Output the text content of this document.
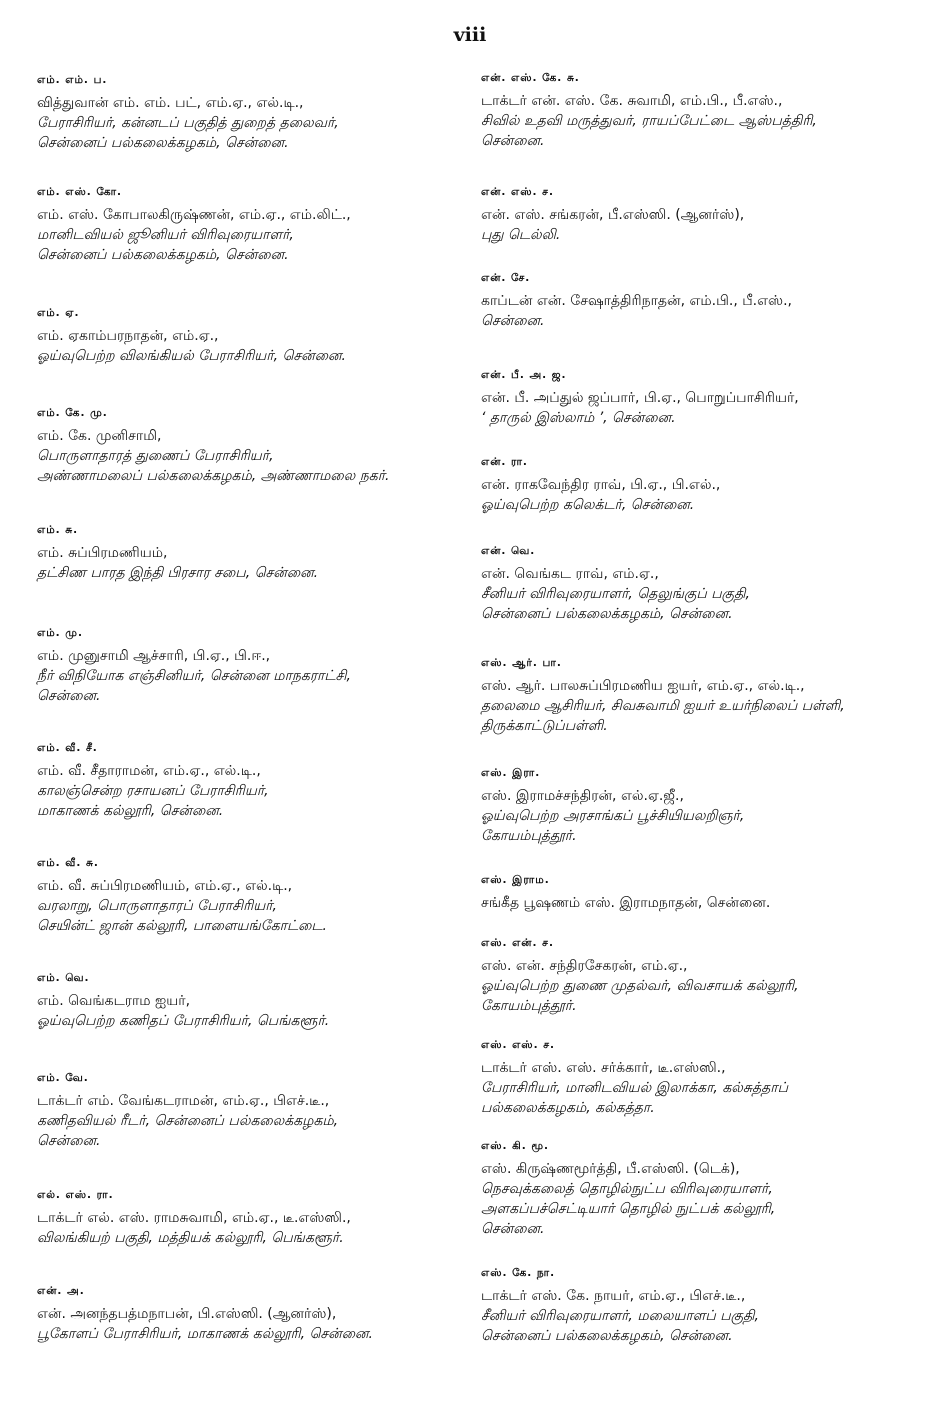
viii
எம். எம். ப.
வித்துவான் எம். எம். பட், எம்.ஏ., எல்.டி.,
பேராசிரியர், கன்னடப் பகுதித் துறைத் தலைவர்,
சென்னைப் பல்கலைக்கழகம், சென்னை.
எம். எஸ். கோ.
எம். எஸ். கோபாலகிருஷ்ணன், எம்.ஏ., எம்.லிட்.,
மானிடவியல் ஜூனியர் விரிவுரையாளர்,
சென்னைப் பல்கலைக்கழகம், சென்னை.
எம். ஏ.
எம். ஏகாம்பரநாதன், எம்.ஏ.,
ஓய்வுபெற்ற விலங்கியல் பேராசிரியர், சென்னை.
எம். கே. மு.
எம். கே. முனிசாமி,
பொருளாதாரத் துணைப் பேராசிரியர்,
அண்ணாமலைப் பல்கலைக்கழகம், அண்ணாமலை நகர்.
எம். சு.
எம். சுப்பிரமணியம்,
தட்சிண பாரத இந்தி பிரசார சபை, சென்னை.
எம். மு.
எம். முனுசாமி ஆச்சாரி, பி.ஏ., பி.ஈ.,
நீர் விநியோக எஞ்சினியர், சென்னை மாநகராட்சி,
சென்னை.
எம். வீ. சீ.
எம். வீ. சீதாராமன், எம்.ஏ., எல்.டி.,
காலஞ்சென்ற ரசாயனப் பேராசிரியர்,
மாகாணக் கல்லூரி, சென்னை.
எம். வீ. சு.
எம். வீ. சுப்பிரமணியம், எம்.ஏ., எல்.டி.,
வரலாறு, பொருளாதாரப் பேராசிரியர்,
செயின்ட் ஜான் கல்லூரி, பாளையங்கோட்டை.
எம். வெ.
எம். வெங்கடராம ஐயர்,
ஓய்வுபெற்ற கணிதப் பேராசிரியர், பெங்களூர்.
எம். வே.
டாக்டர் எம். வேங்கடராமன், எம்.ஏ., பிஎச்.டீ.,
கணிதவியல் ரீடர், சென்னைப் பல்கலைக்கழகம்,
சென்னை.
எல். எஸ். ரா.
டாக்டர் எல். எஸ். ராமசுவாமி, எம்.ஏ., டீ.எஸ்ஸி.,
விலங்கியற் பகுதி, மத்தியக் கல்லூரி, பெங்களூர்.
என். அ.
என். அனந்தபத்மநாபன், பி.எஸ்ஸி. (ஆனர்ஸ்),
பூகோளப் பேராசிரியர், மாகாணக் கல்லூரி, சென்னை.
என். எஸ். கே. சு.
டாக்டர் என். எஸ். கே. சுவாமி, எம்.பி., பீ.எஸ்.,
சிவில் உதவி மருத்துவர், ராயப்பேட்டை ஆஸ்பத்திரி,
சென்னை.
என். எஸ். ச.
என். எஸ். சங்கரன், பீ.எஸ்ஸி. (ஆனர்ஸ்),
புது டெல்லி.
என். சே.
காப்டன் என். சேஷாத்திரிநாதன், எம்.பி., பீ.எஸ்.,
சென்னை.
என். பீ. அ. ஜ.
என். பீ. அப்துல் ஜப்பார், பி.ஏ., பொறுப்பாசிரியர்,
‘ தாருல் இஸ்லாம் ’, சென்னை.
என். ரா.
என். ராகவேந்திர ராவ், பி.ஏ., பி.எல்.,
ஓய்வுபெற்ற கலெக்டர், சென்னை.
என். வெ.
என். வெங்கட ராவ், எம்.ஏ.,
சீனியர் விரிவுரையாளர், தெலுங்குப் பகுதி,
சென்னைப் பல்கலைக்கழகம், சென்னை.
எஸ். ஆர். பா.
எஸ். ஆர். பாலசுப்பிரமணிய ஐயர், எம்.ஏ., எல்.டி.,
தலைமை ஆசிரியர், சிவசுவாமி ஐயர் உயர்நிலைப் பள்ளி,
திருக்காட்டுப்பள்ளி.
எஸ். இரா.
எஸ். இராமச்சந்திரன், எல்.ஏ.ஜீ.,
ஓய்வுபெற்ற அரசாங்கப் பூச்சியியலறிஞர்,
கோயம்புத்தூர்.
எஸ். இராம.
சங்கீத பூஷணம் எஸ். இராமநாதன், சென்னை.
எஸ். என். ச.
எஸ். என். சந்திரசேகரன், எம்.ஏ.,
ஓய்வுபெற்ற துணை முதல்வர், விவசாயக் கல்லூரி,
கோயம்புத்தூர்.
எஸ். எஸ். ச.
டாக்டர் எஸ். எஸ். சர்க்கார், டீ.எஸ்ஸி.,
பேராசிரியர், மானிடவியல் இலாக்கா, கல்சுத்தாப்
பல்கலைக்கழகம், கல்கத்தா.
எஸ். கி. மூ.
எஸ். கிருஷ்ணமூர்த்தி, பீ.எஸ்ஸி. (டெக்),
நெசவுக்கலைத் தொழில்நுட்ப விரிவுரையாளர்,
அளகப்பச்செட்டியார் தொழில் நுட்பக் கல்லூரி,
சென்னை.
எஸ். கே. நா.
டாக்டர் எஸ். கே. நாயர், எம்.ஏ., பிஎச்.டீ.,
சீனியர் விரிவுரையாளர், மலையாளப் பகுதி,
சென்னைப் பல்கலைக்கழகம், சென்னை.
